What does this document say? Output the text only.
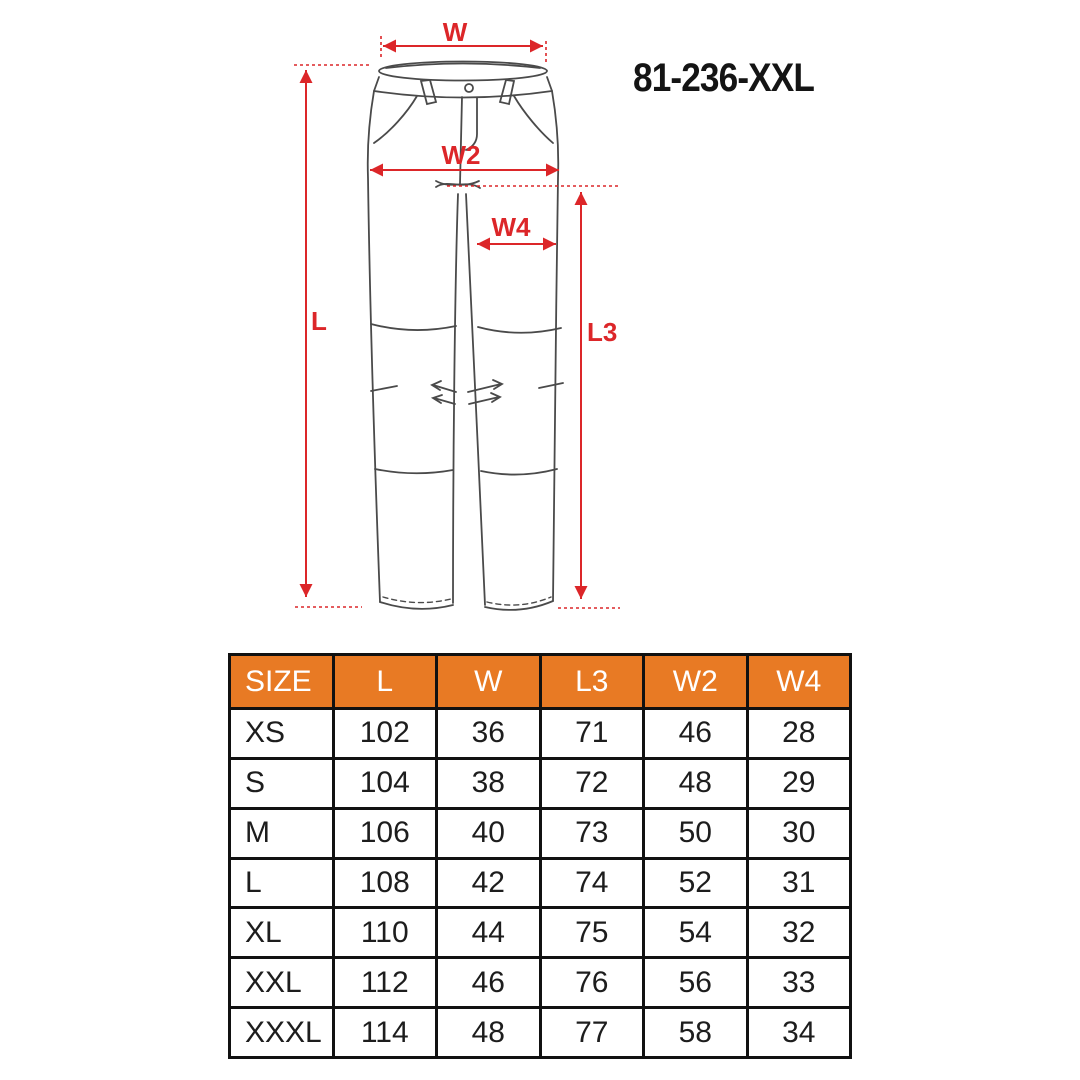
W
L
W2
W4
L3
81-236-XXL
SIZE	L	W	L3	W2	W4
XS	102	36	71	46	28
S	104	38	72	48	29
M	106	40	73	50	30
L	108	42	74	52	31
XL	110	44	75	54	32
XXL	112	46	76	56	33
XXXL	114	48	77	58	34
